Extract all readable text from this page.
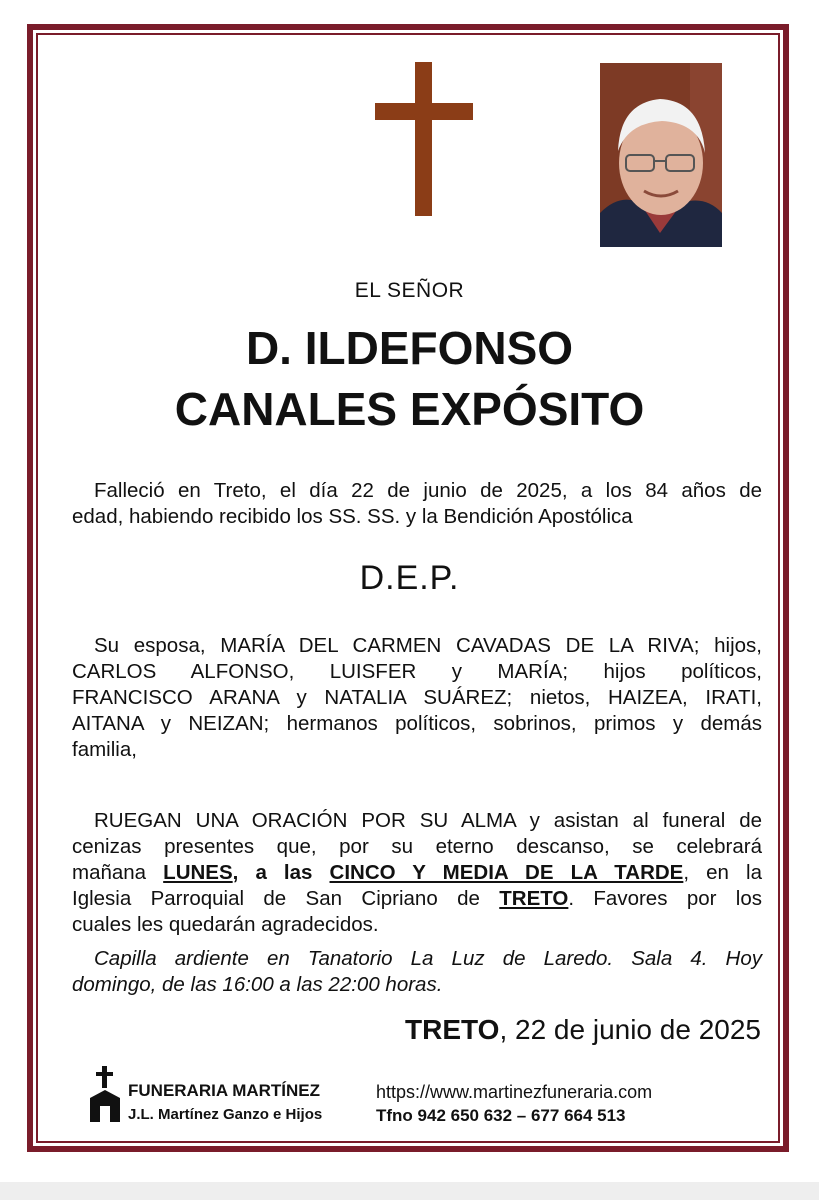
EL SEÑOR
D. ILDEFONSO
CANALES EXPÓSITO
Falleció en Treto, el día 22 de junio de 2025, a los 84 años de
edad, habiendo recibido los SS. SS. y la Bendición Apostólica
D.E.P.
Su esposa, MARÍA DEL CARMEN CAVADAS DE LA RIVA; hijos,
CARLOS ALFONSO, LUISFER y MARÍA; hijos políticos,
FRANCISCO ARANA y NATALIA SUÁREZ; nietos, HAIZEA, IRATI,
AITANA y NEIZAN; hermanos políticos, sobrinos, primos y demás
familia,
RUEGAN UNA ORACIÓN POR SU ALMA y asistan al funeral de
cenizas presentes que, por su eterno descanso, se celebrará
mañana LUNES, a las CINCO Y MEDIA DE LA TARDE, en la
Iglesia Parroquial de San Cipriano de TRETO. Favores por los
cuales les quedarán agradecidos.
Capilla ardiente en Tanatorio La Luz de Laredo. Sala 4. Hoy
domingo, de las 16:00 a las 22:00 horas.
TRETO, 22 de junio de 2025
FUNERARIA MARTÍNEZ
J.L. Martínez Ganzo e Hijos
https://www.martinezfuneraria.com
Tfno 942 650 632 – 677 664 513
